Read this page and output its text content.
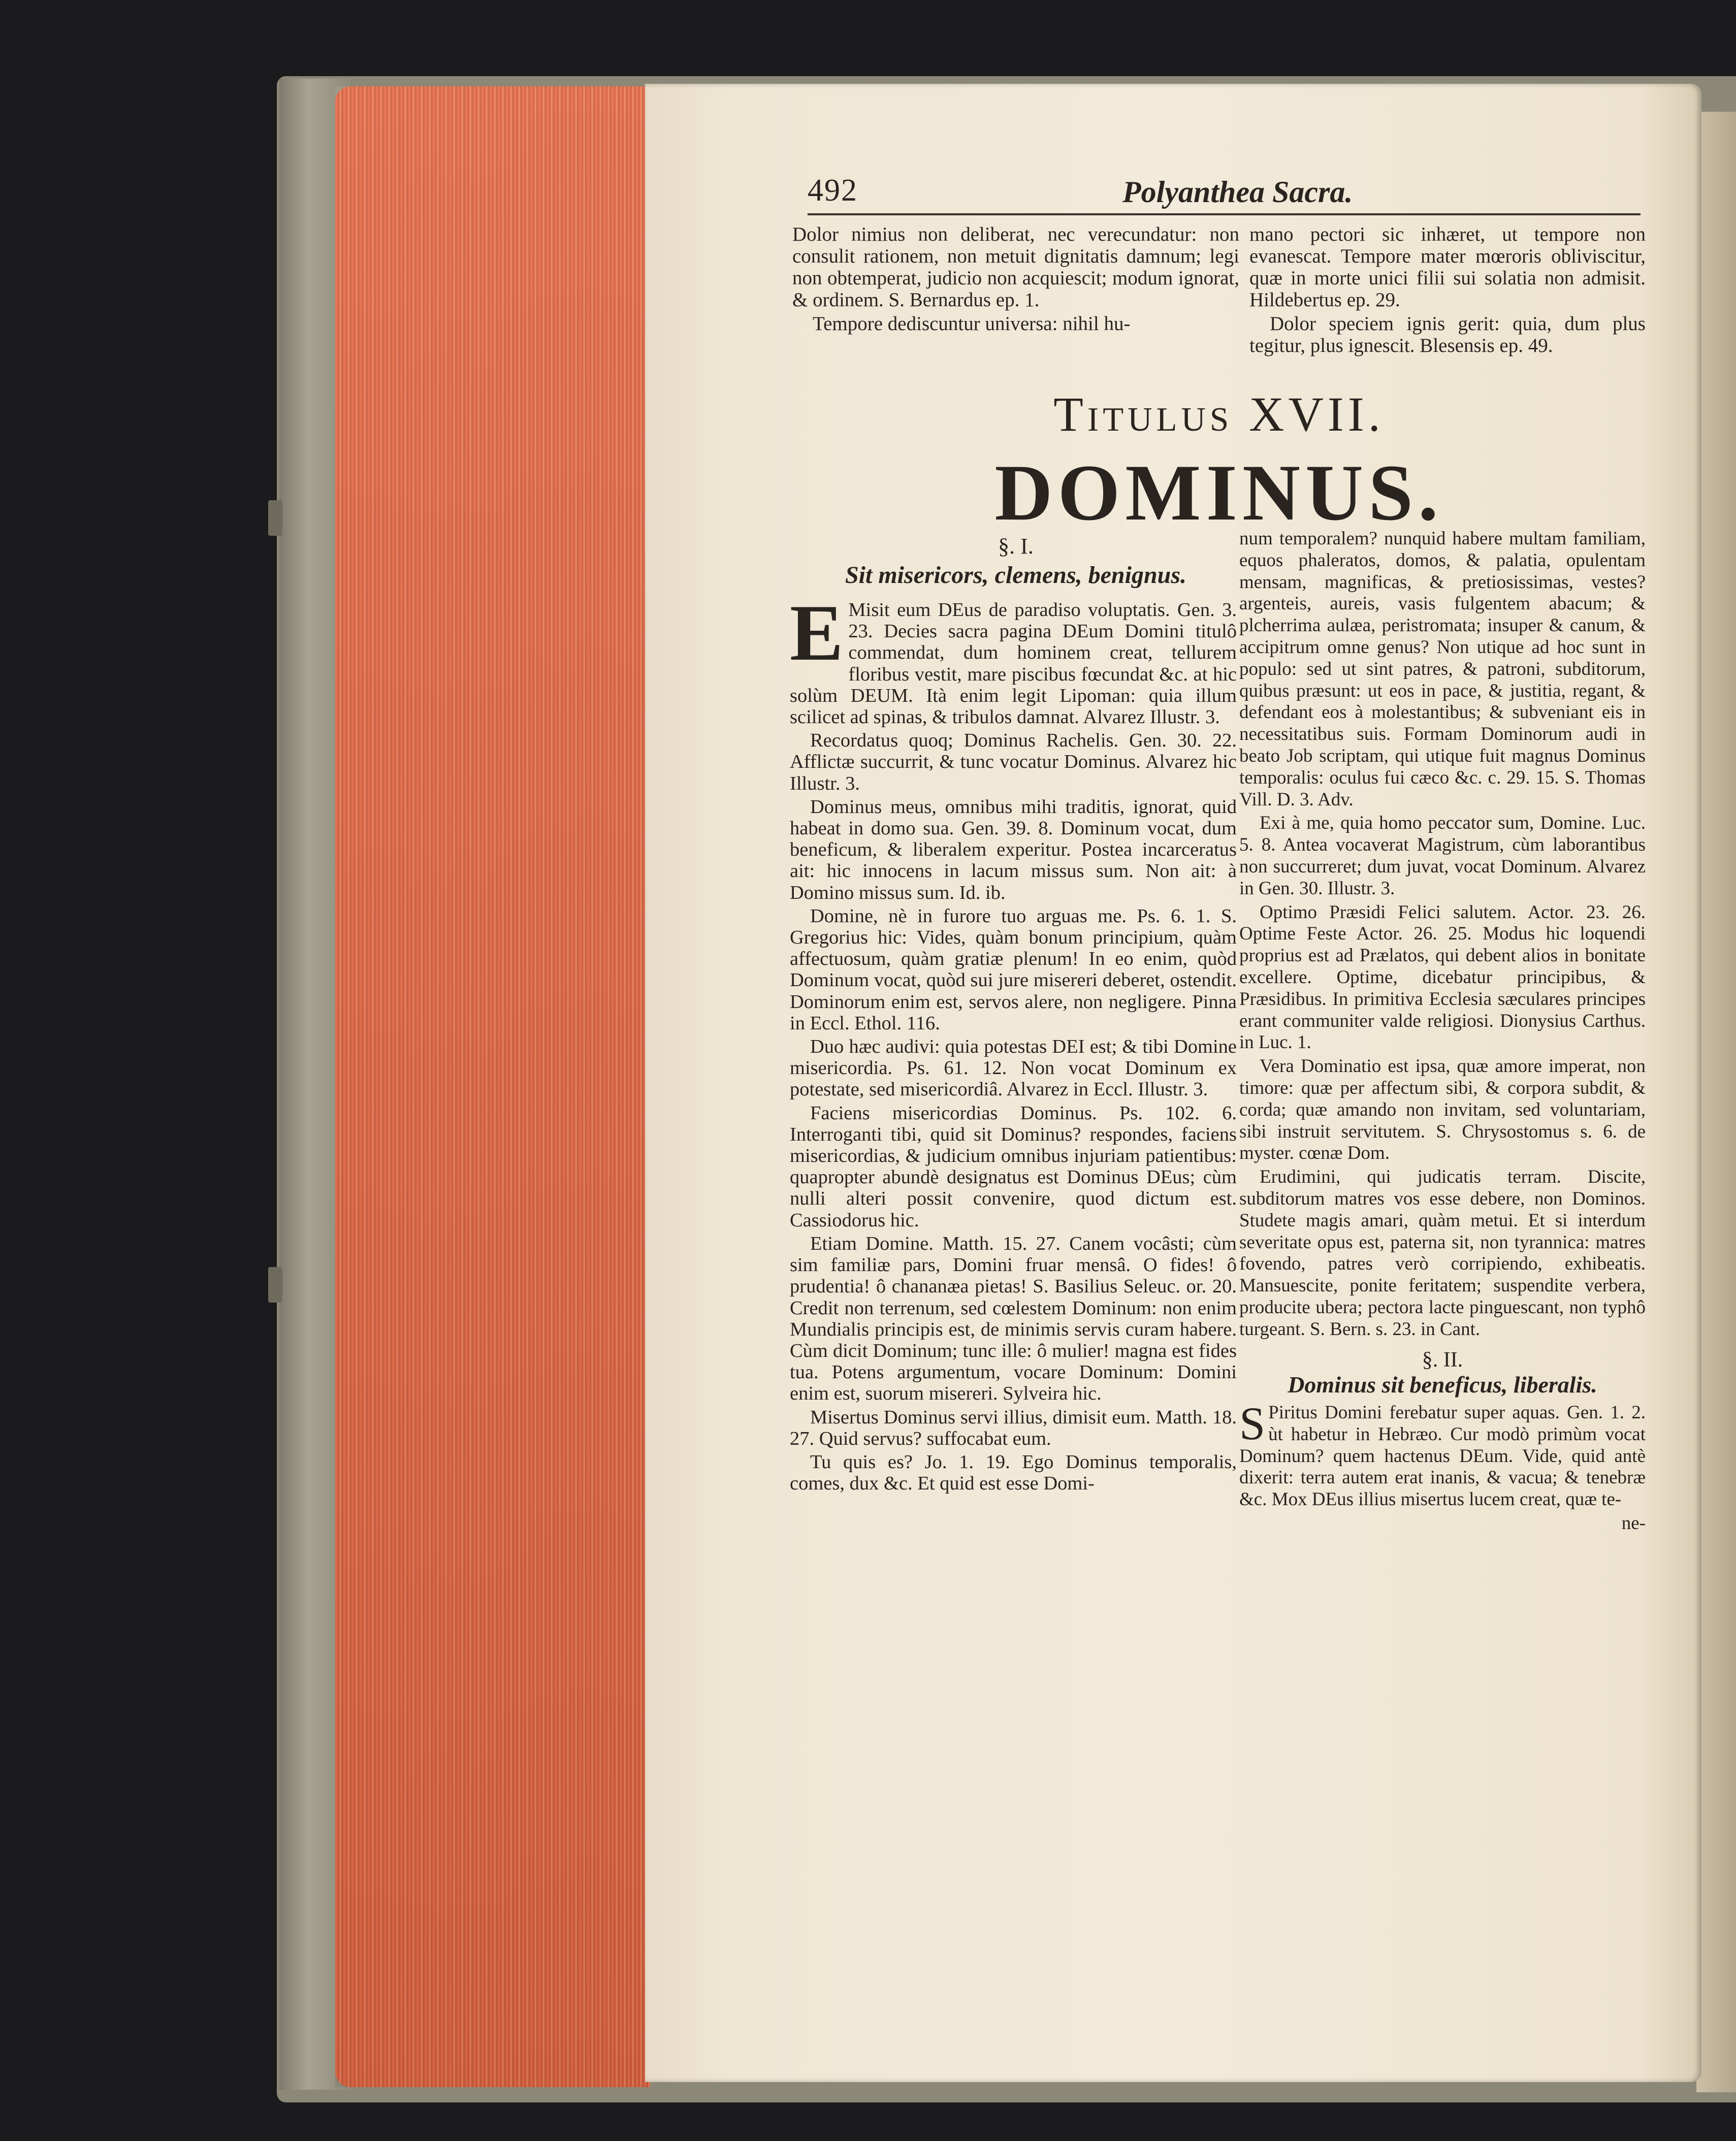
492	Polyanthea Sacra.

Dolor nimius non deliberat, nec verecundatur: non consulit rationem, non metuit dignitatis damnum; legi non obtemperat, judicio non acquiescit; modum ignorat, & ordinem. S. Bernardus ep. 1.

Tempore dediscuntur universa: nihil hu-

mano pectori sic inhæret, ut tempore non evanescat. Tempore mater mœroris obliviscitur, quæ in morte unici filii sui solatia non admisit. Hildebertus ep. 29.

Dolor speciem ignis gerit: quia, dum plus tegitur, plus ignescit. Blesensis ep. 49.

Titulus XVII.
DOMINUS.
§. I.
Sit misericors, clemens, benignus.

E Misit eum DEus de paradiso voluptatis. Gen. 3. 23. Decies sacra pagina DEum Domini titulô commendat, dum hominem creat, tellurem floribus vestit, mare piscibus fœcundat &c. at hic solùm DEUM. Ità enim legit Lipoman: quia illum scilicet ad spinas, & tribulos damnat. Alvarez Illustr. 3.

Recordatus quoq; Dominus Rachelis. Gen. 30. 22. Afflictæ succurrit, & tunc vocatur Dominus. Alvarez hic Illustr. 3.

Dominus meus, omnibus mihi traditis, ignorat, quid habeat in domo sua. Gen. 39. 8. Dominum vocat, dum beneficum, & liberalem experitur. Postea incarceratus ait: hic innocens in lacum missus sum. Non ait: à Domino missus sum. Id. ib.

Domine, nè in furore tuo arguas me. Ps. 6. 1. S. Gregorius hic: Vides, quàm bonum principium, quàm affectuosum, quàm gratiæ plenum! In eo enim, quòd Dominum vocat, quòd sui jure misereri deberet, ostendit. Dominorum enim est, servos alere, non negligere. Pinna in Eccl. Ethol. 116.

Duo hæc audivi: quia potestas DEI est; & tibi Domine misericordia. Ps. 61. 12. Non vocat Dominum ex potestate, sed misericordiâ. Alvarez in Eccl. Illustr. 3.

Faciens misericordias Dominus. Ps. 102. 6. Interroganti tibi, quid sit Dominus? respondes, faciens misericordias, & judicium omnibus injuriam patientibus: quapropter abundè designatus est Dominus DEus; cùm nulli alteri possit convenire, quod dictum est. Cassiodorus hic.

Etiam Domine. Matth. 15. 27. Canem vocâsti; cùm sim familiæ pars, Domini fruar mensâ. O fides! ô prudentia! ô chananæa pietas! S. Basilius Seleuc. or. 20. Credit non terrenum, sed cœlestem Dominum: non enim Mundialis principis est, de minimis servis curam habere. Cùm dicit Dominum; tunc ille: ô mulier! magna est fides tua. Potens argumentum, vocare Dominum: Domini enim est, suorum misereri. Sylveira hic.

Misertus Dominus servi illius, dimisit eum. Matth. 18. 27. Quid servus? suffocabat eum.

Tu quis es? Jo. 1. 19. Ego Dominus temporalis, comes, dux &c. Et quid est esse Domi-

num temporalem? nunquid habere multam familiam, equos phaleratos, domos, & palatia, opulentam mensam, magnificas, & pretiosissimas, vestes? argenteis, aureis, vasis fulgentem abacum; & plcherrima aulæa, peristromata; insuper & canum, & accipitrum omne genus? Non utique ad hoc sunt in populo: sed ut sint patres, & patroni, subditorum, quibus præsunt: ut eos in pace, & justitia, regant, & defendant eos à molestantibus; & subveniant eis in necessitatibus suis. Formam Dominorum audi in beato Job scriptam, qui utique fuit magnus Dominus temporalis: oculus fui cæco &c. c. 29. 15. S. Thomas Vill. D. 3. Adv.

Exi à me, quia homo peccator sum, Domine. Luc. 5. 8. Antea vocaverat Magistrum, cùm laborantibus non succurreret; dum juvat, vocat Dominum. Alvarez in Gen. 30. Illustr. 3.

Optimo Præsidi Felici salutem. Actor. 23. 26. Optime Feste Actor. 26. 25. Modus hic loquendi proprius est ad Prælatos, qui debent alios in bonitate excellere. Optime, dicebatur principibus, & Præsidibus. In primitiva Ecclesia sæculares principes erant communiter valde religiosi. Dionysius Carthus. in Luc. 1.

Vera Dominatio est ipsa, quæ amore imperat, non timore: quæ per affectum sibi, & corpora subdit, & corda; quæ amando non invitam, sed voluntariam, sibi instruit servitutem. S. Chrysostomus s. 6. de myster. cœnæ Dom.

Erudimini, qui judicatis terram. Discite, subditorum matres vos esse debere, non Dominos. Studete magis amari, quàm metui. Et si interdum severitate opus est, paterna sit, non tyrannica: matres fovendo, patres verò corripiendo, exhibeatis. Mansuescite, ponite feritatem; suspendite verbera, producite ubera; pectora lacte pinguescant, non typhô turgeant. S. Bern. s. 23. in Cant.

§. II.
Dominus sit beneficus, liberalis.

S Piritus Domini ferebatur super aquas. Gen. 1. 2. ùt habetur in Hebræo. Cur modò primùm vocat Dominum? quem hactenus DEum. Vide, quid antè dixerit: terra autem erat inanis, & vacua; & tenebræ &c. Mox DEus illius misertus lucem creat, quæ te-

ne-
